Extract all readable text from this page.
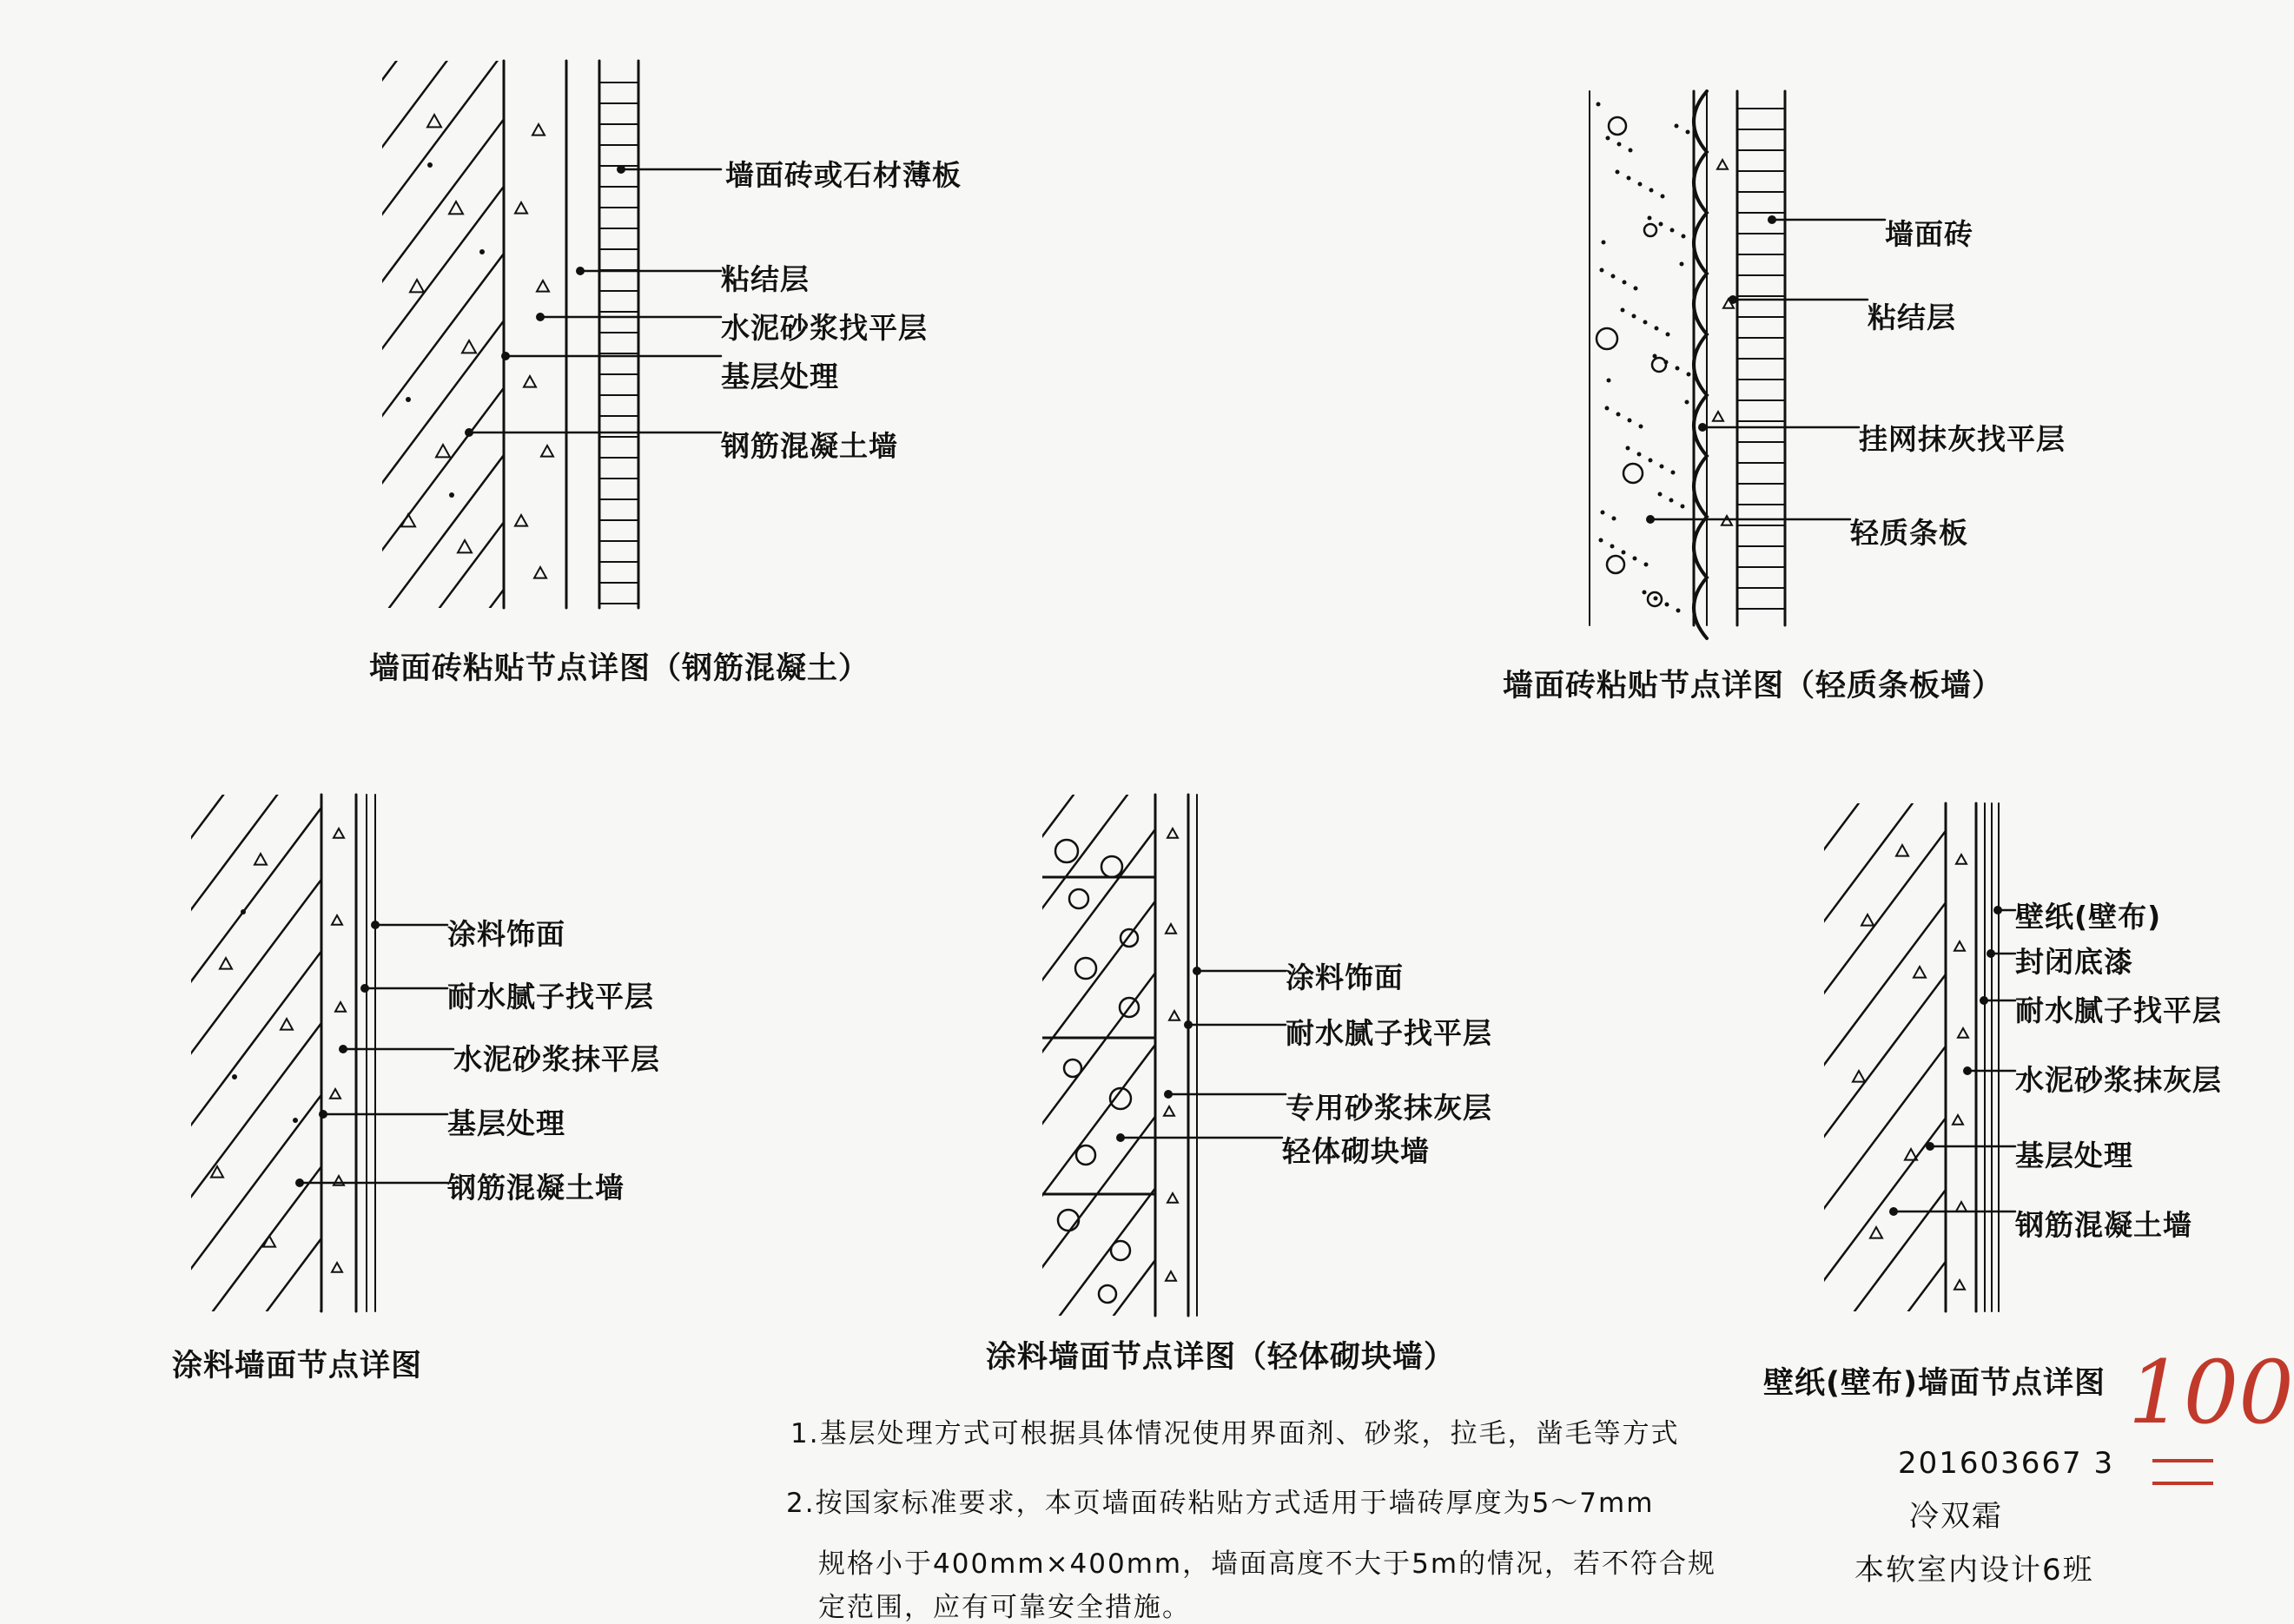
墙面砖或石材薄板
粘结层
水泥砂浆找平层
基层处理
钢筋混凝土墙
墙面砖粘贴节点详图（钢筋混凝土）
墙面砖
粘结层
挂网抹灰找平层
轻质条板
墙面砖粘贴节点详图（轻质条板墙）
涂料饰面
耐水腻子找平层
水泥砂浆抹平层
基层处理
钢筋混凝土墙
涂料墙面节点详图
涂料饰面
耐水腻子找平层
专用砂浆抹灰层
轻体砌块墙
涂料墙面节点详图（轻体砌块墙）
壁纸(壁布)
封闭底漆
耐水腻子找平层
水泥砂浆抹灰层
基层处理
钢筋混凝土墙
壁纸(壁布)墙面节点详图
1.基层处理方式可根据具体情况使用界面剂、砂浆，拉毛，凿毛等方式
2.按国家标准要求，本页墙面砖粘贴方式适用于墙砖厚度为5～7mm
规格小于400mm×400mm，墙面高度不大于5m的情况，若不符合规
定范围，应有可靠安全措施。
201603667 3
冷双霜
本软室内设计6班
100
